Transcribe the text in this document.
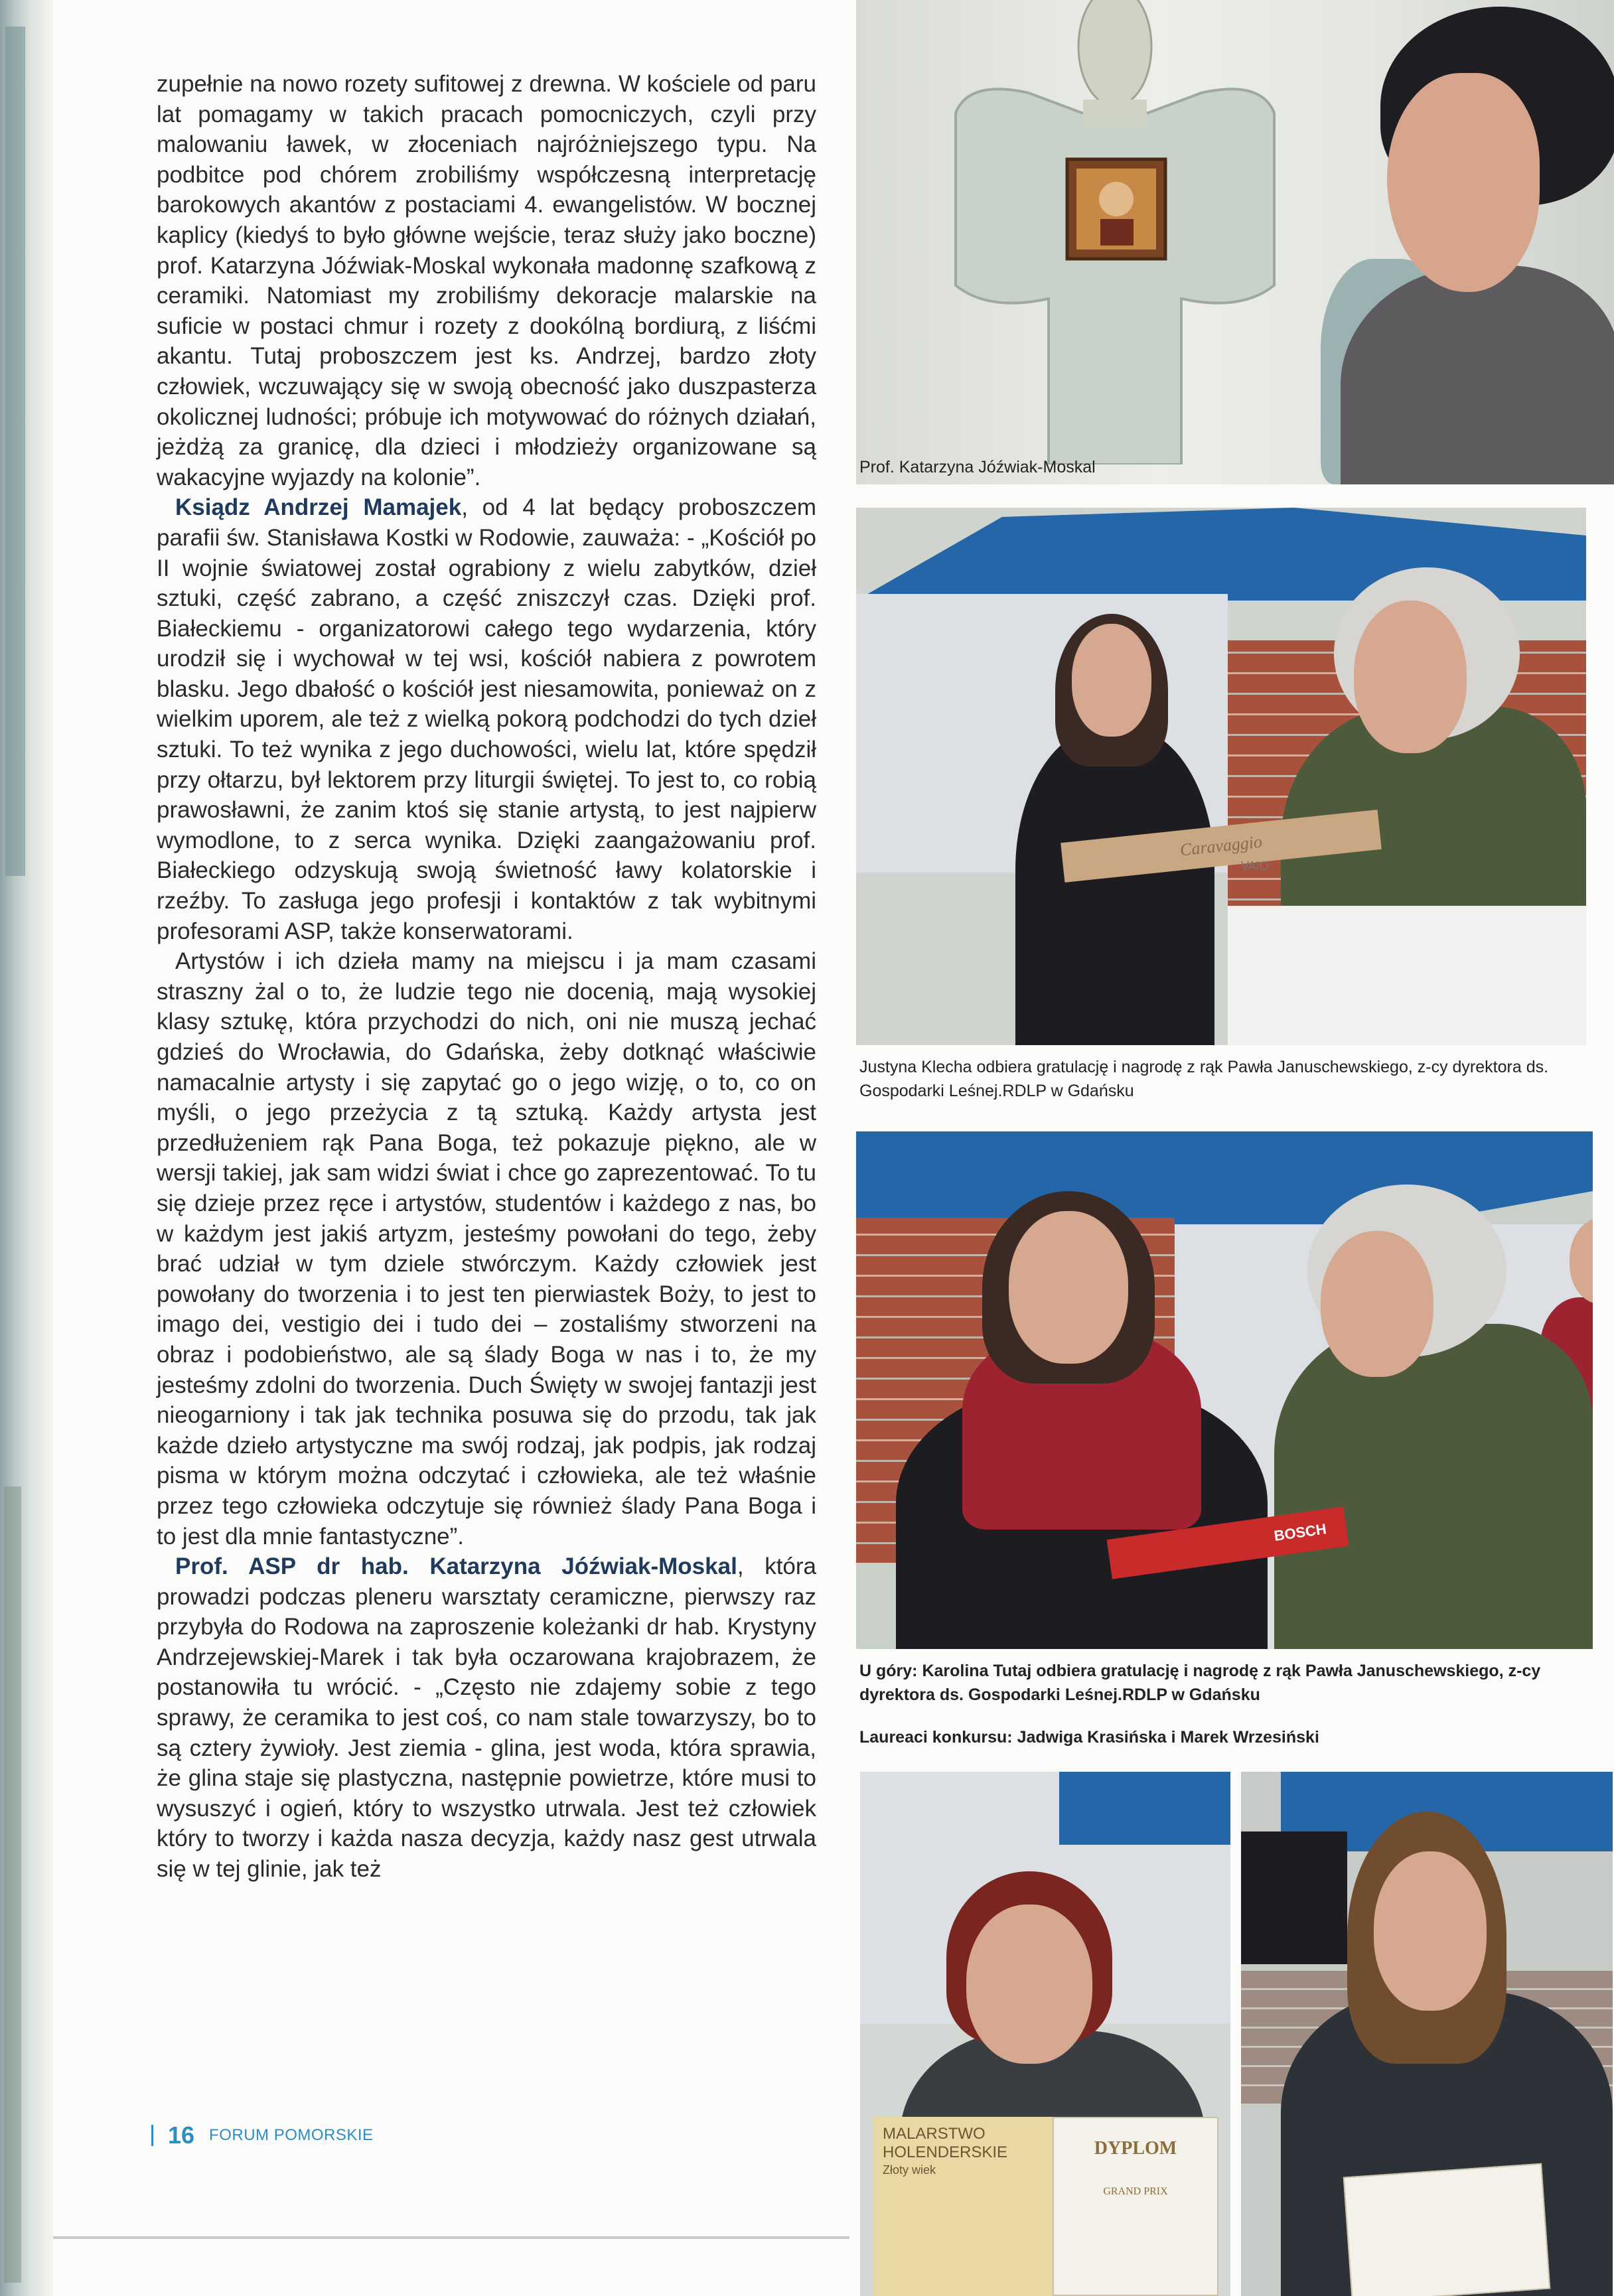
zupełnie na nowo rozety sufitowej z drewna. W kościele od paru lat pomagamy w takich pracach pomocniczych, czyli przy malowaniu ławek, w złoceniach najróżniejszego typu. Na podbitce pod chórem zrobiliśmy współczesną interpretację barokowych akantów z postaciami 4. ewangelistów. W bocznej kaplicy (kiedyś to było główne wejście, teraz służy jako boczne) prof. Katarzyna Jóźwiak-Moskal wykonała madonnę szafkową z ceramiki. Natomiast my zrobiliśmy dekoracje malarskie na suficie w postaci chmur i rozety z dookólną bordiurą, z liśćmi akantu. Tutaj proboszczem jest ks. Andrzej, bardzo złoty człowiek, wczuwający się w swoją obecność jako duszpasterza okolicznej ludności; próbuje ich motywować do różnych działań, jeżdżą za granicę, dla dzieci i młodzieży organizowane są wakacyjne wyjazdy na kolonie”.

Ksiądz Andrzej Mamajek, od 4 lat będący proboszczem parafii św. Stanisława Kostki w Rodowie, zauważa: - „Kościół po II wojnie światowej został ograbiony z wielu zabytków, dzieł sztuki, część zabrano, a część zniszczył czas. Dzięki prof. Białeckiemu - organizatorowi całego tego wydarzenia, który urodził się i wychował w tej wsi, kościół nabiera z powrotem blasku. Jego dbałość o kościół jest niesamowita, ponieważ on z wielkim uporem, ale też z wielką pokorą podchodzi do tych dzieł sztuki. To też wynika z jego duchowości, wielu lat, które spędził przy ołtarzu, był lektorem przy liturgii świętej. To jest to, co robią prawosławni, że zanim ktoś się stanie artystą, to jest najpierw wymodlone, to z serca wynika. Dzięki zaangażowaniu prof. Białeckiego odzyskują swoją świetność ławy kolatorskie i rzeźby. To zasługa jego profesji i kontaktów z tak wybitnymi profesorami ASP, także konserwatorami.

Artystów i ich dzieła mamy na miejscu i ja mam czasami straszny żal o to, że ludzie tego nie docenią, mają wysokiej klasy sztukę, która przychodzi do nich, oni nie muszą jechać gdzieś do Wrocławia, do Gdańska, żeby dotknąć właściwie namacalnie artysty i się zapytać go o jego wizję, o to, co on myśli, o jego przeżycia z tą sztuką. Każdy artysta jest przedłużeniem rąk Pana Boga, też pokazuje piękno, ale w wersji takiej, jak sam widzi świat i chce go zaprezentować. To tu się dzieje przez ręce i artystów, studentów i każdego z nas, bo w każdym jest jakiś artyzm, jesteśmy powołani do tego, żeby brać udział w tym dziele stwórczym. Każdy człowiek jest powołany do tworzenia i to jest ten pierwiastek Boży, to jest to imago dei, vestigio dei i tudo dei – zostaliśmy stworzeni na obraz i podobieństwo, ale są ślady Boga w nas i to, że my jesteśmy zdolni do tworzenia. Duch Święty w swojej fantazji jest nieogarniony i tak jak technika posuwa się do przodu, tak jak każde dzieło artystyczne ma swój rodzaj, jak podpis, jak rodzaj pisma w którym można odczytać i człowieka, ale też właśnie przez tego człowieka odczytuje się również ślady Pana Boga i to jest dla mnie fantastyczne”.

Prof. ASP dr hab. Katarzyna Jóźwiak-Moskal, która prowadzi podczas pleneru warsztaty ceramiczne, pierwszy raz przybyła do Rodowa na zaproszenie koleżanki dr hab. Krystyny Andrzejewskiej-Marek i tak była oczarowana krajobrazem, że postanowiła tu wrócić. - „Często nie zdajemy sobie z tego sprawy, że ceramika to jest coś, co nam stale towarzyszy, bo to są cztery żywioły. Jest ziemia - glina, jest woda, która sprawia, że glina staje się plastyczna, następnie powietrze, które musi to wysuszyć i ogień, który to wszystko utrwala. Jest też człowiek który to tworzy i każda nasza decyzja, każdy nasz gest utrwala się w tej glinie, jak też

16 FORUM POMORSKIE
Prof. Katarzyna Jóźwiak-Moskal
Caravaggio
VAIO
Justyna Klecha odbiera gratulację i nagrodę z rąk Pawła Januschewskiego, z-cy dyrektora ds. Gospodarki Leśnej.RDLP w Gdańsku
BOSCH
U góry: Karolina Tutaj odbiera gratulację i nagrodę z rąk Pawła Januschewskiego, z-cy dyrektora ds. Gospodarki Leśnej.RDLP w Gdańsku
Laureaci konkursu: Jadwiga Krasińska i Marek Wrzesiński
MALARSTWO HOLENDERSKIE
Złoty wiek
DYPLOM
GRAND PRIX
